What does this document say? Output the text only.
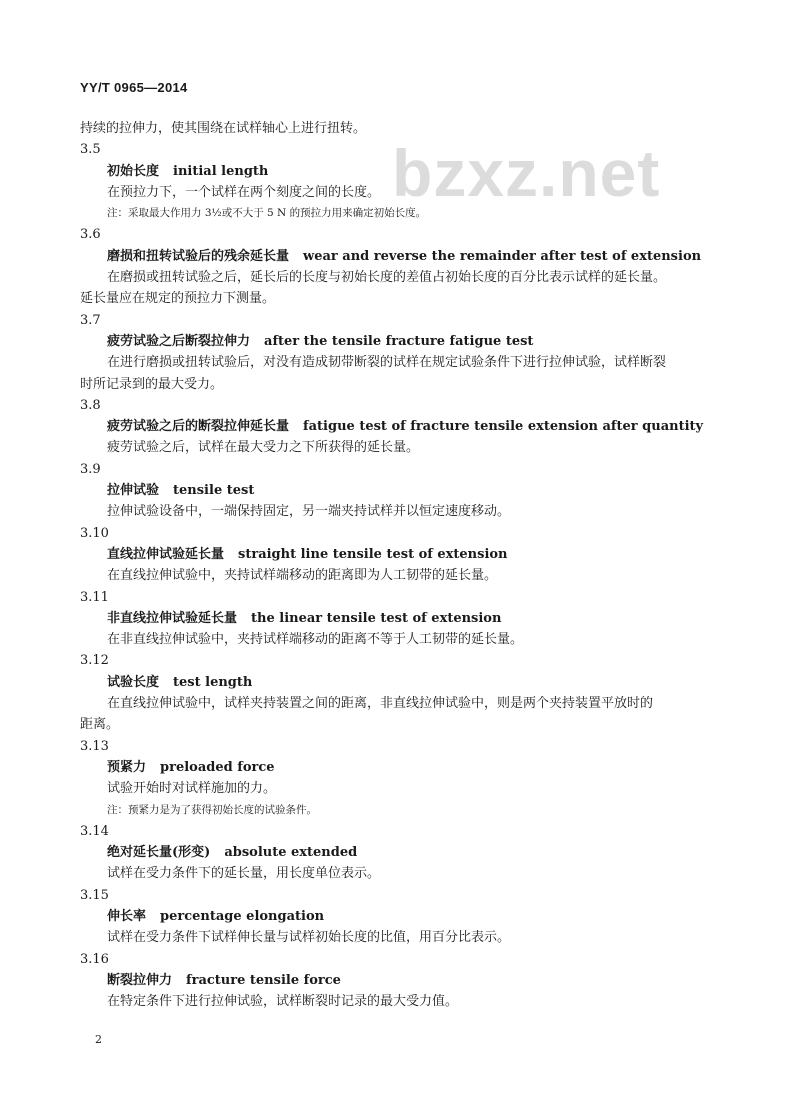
YY/T 0965—2014
bzxz.net
持续的拉伸力，使其围绕在试样轴心上进行扭转。
3.5
初始长度 initial length
在预拉力下，一个试样在两个刻度之间的长度。
注：采取最大作用力 3½或不大于 5 N 的预拉力用来确定初始长度。
3.6
磨损和扭转试验后的残余延长量 wear and reverse the remainder after test of extension
在磨损或扭转试验之后，延长后的长度与初始长度的差值占初始长度的百分比表示试样的延长量。
延长量应在规定的预拉力下测量。
3.7
疲劳试验之后断裂拉伸力 after the tensile fracture fatigue test
在进行磨损或扭转试验后，对没有造成韧带断裂的试样在规定试验条件下进行拉伸试验，试样断裂
时所记录到的最大受力。
3.8
疲劳试验之后的断裂拉伸延长量 fatigue test of fracture tensile extension after quantity
疲劳试验之后，试样在最大受力之下所获得的延长量。
3.9
拉伸试验 tensile test
拉伸试验设备中，一端保持固定，另一端夹持试样并以恒定速度移动。
3.10
直线拉伸试验延长量 straight line tensile test of extension
在直线拉伸试验中，夹持试样端移动的距离即为人工韧带的延长量。
3.11
非直线拉伸试验延长量 the linear tensile test of extension
在非直线拉伸试验中，夹持试样端移动的距离不等于人工韧带的延长量。
3.12
试验长度 test length
在直线拉伸试验中，试样夹持装置之间的距离，非直线拉伸试验中，则是两个夹持装置平放时的
距离。
3.13
预紧力 preloaded force
试验开始时对试样施加的力。
注：预紧力是为了获得初始长度的试验条件。
3.14
绝对延长量(形变) absolute extended
试样在受力条件下的延长量，用长度单位表示。
3.15
伸长率 percentage elongation
试样在受力条件下试样伸长量与试样初始长度的比值，用百分比表示。
3.16
断裂拉伸力 fracture tensile force
在特定条件下进行拉伸试验，试样断裂时记录的最大受力值。
2
